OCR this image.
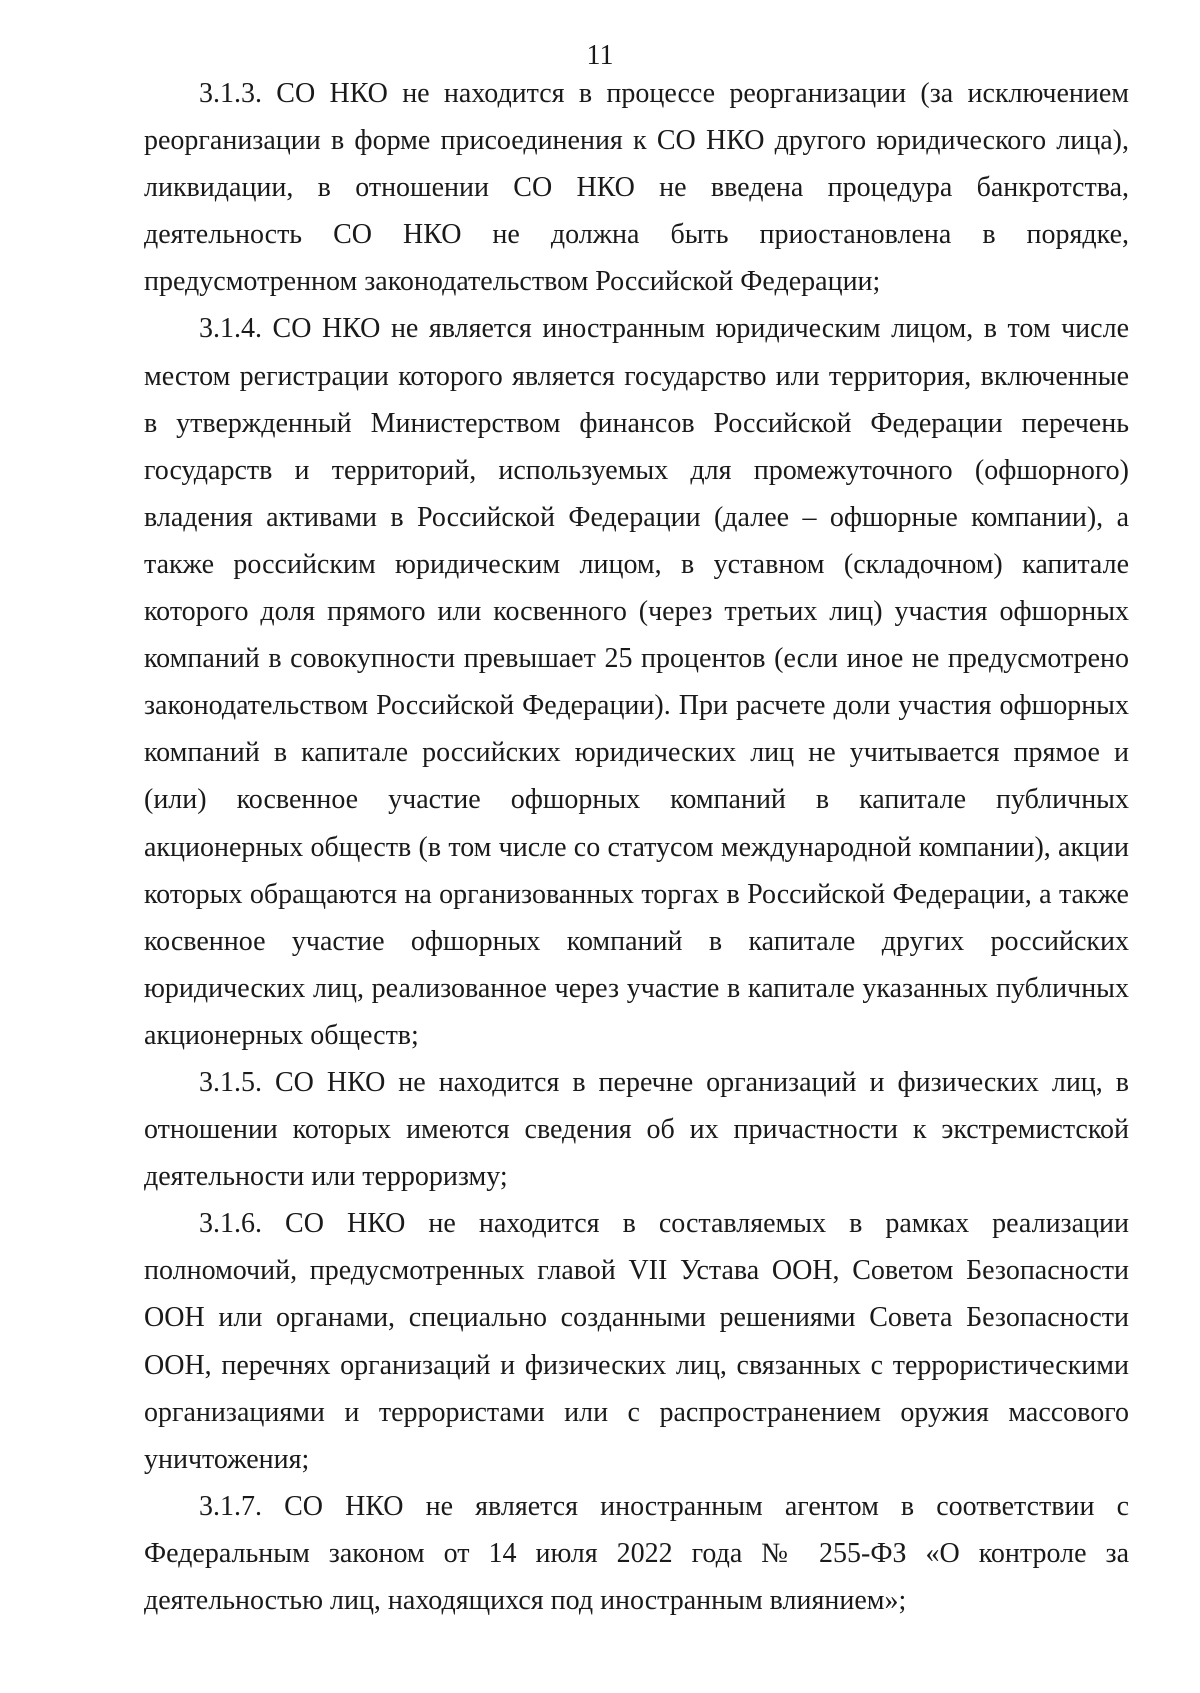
11

3.1.3. СО НКО не находится в процессе реорганизации (за исключением реорганизации в форме присоединения к СО НКО другого юридического лица), ликвидации, в отношении СО НКО не введена процедура банкротства, деятельность СО НКО не должна быть приостановлена в порядке, предусмотренном законодательством Российской Федерации;

3.1.4. СО НКО не является иностранным юридическим лицом, в том числе местом регистрации которого является государство или территория, включенные в утвержденный Министерством финансов Российской Федерации перечень государств и территорий, используемых для промежуточного (офшорного) владения активами в Российской Федерации (далее – офшорные компании), а также российским юридическим лицом, в уставном (складочном) капитале которого доля прямого или косвенного (через третьих лиц) участия офшорных компаний в совокупности превышает 25 процентов (если иное не предусмотрено законодательством Российской Федерации). При расчете доли участия офшорных компаний в капитале российских юридических лиц не учитывается прямое и (или) косвенное участие офшорных компаний в капитале публичных акционерных обществ (в том числе со статусом международной компании), акции которых обращаются на организованных торгах в Российской Федерации, а также косвенное участие офшорных компаний в капитале других российских юридических лиц, реализованное через участие в капитале указанных публичных акционерных обществ;

3.1.5. СО НКО не находится в перечне организаций и физических лиц, в отношении которых имеются сведения об их причастности к экстремистской деятельности или терроризму;

3.1.6. СО НКО не находится в составляемых в рамках реализации полномочий, предусмотренных главой VII Устава ООН, Советом Безопасности ООН или органами, специально созданными решениями Совета Безопасности ООН, перечнях организаций и физических лиц, связанных с террористическими организациями и террористами или с распространением оружия массового уничтожения;

3.1.7. СО НКО не является иностранным агентом в соответствии с Федеральным законом от 14 июля 2022 года № 255-ФЗ «О контроле за деятельностью лиц, находящихся под иностранным влиянием»;
